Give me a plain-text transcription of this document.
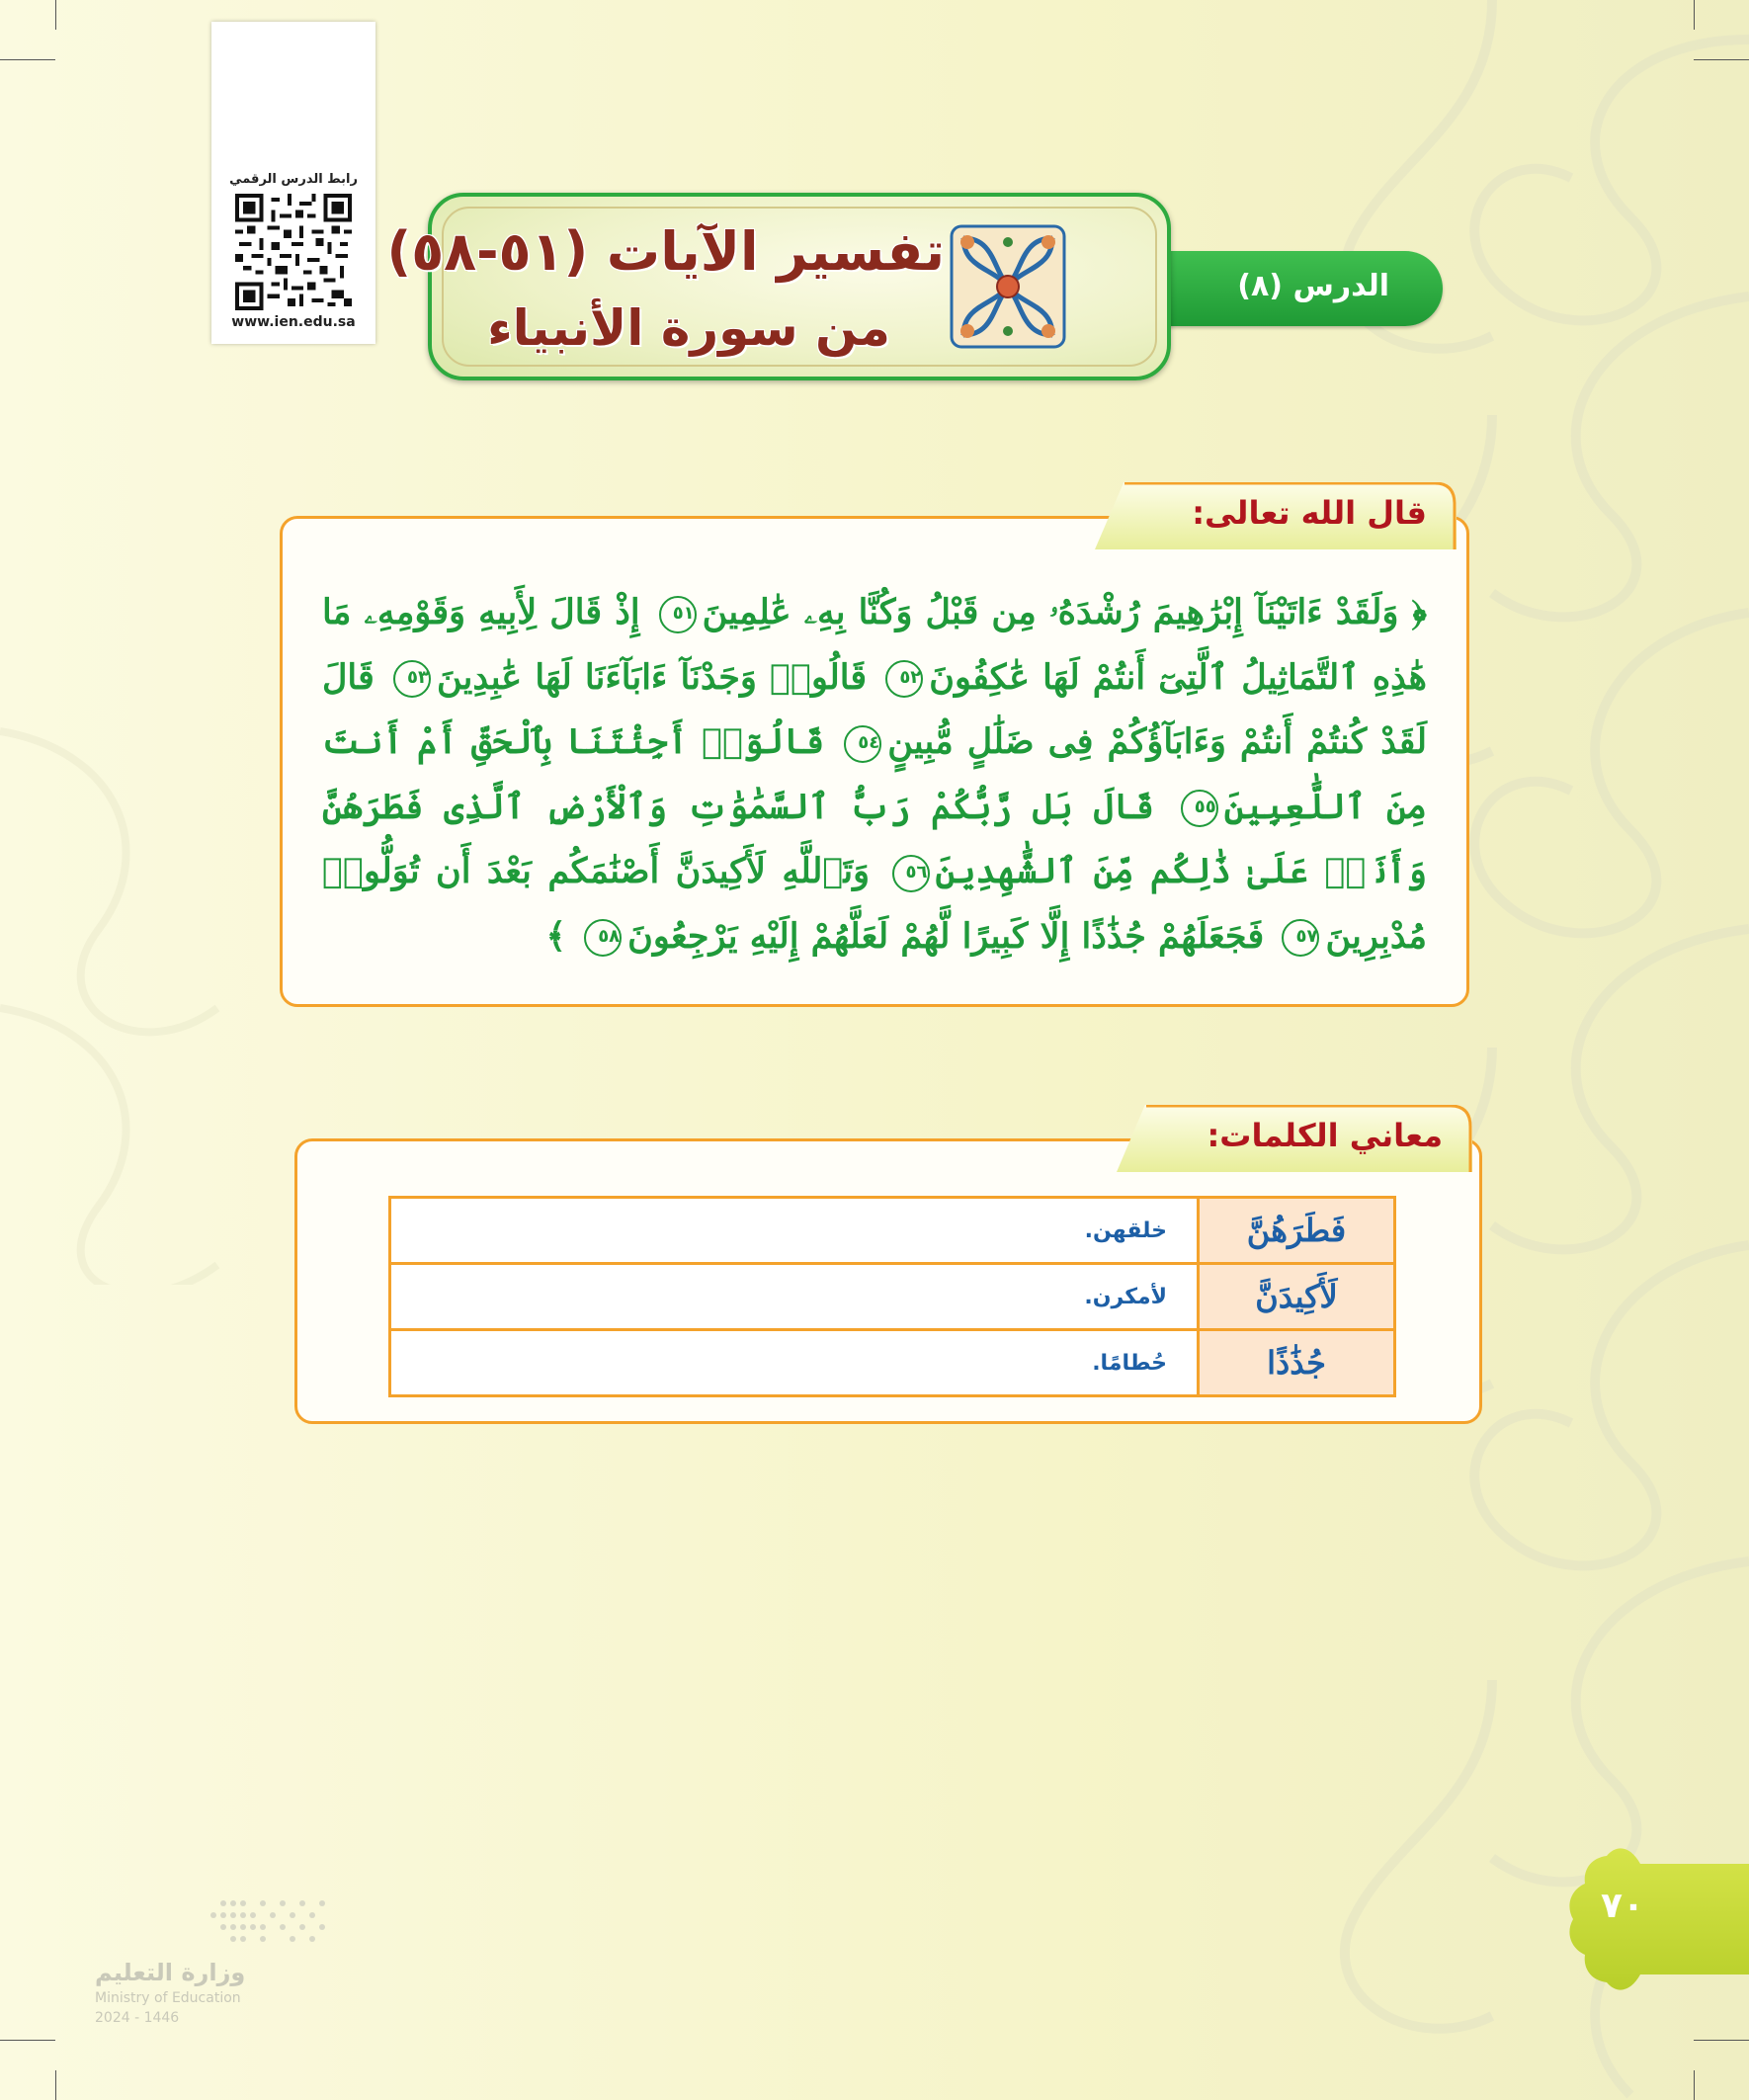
رابط الدرس الرقمي
www.ien.edu.sa
الدرس (٨)
تفسير الآيات (٥١-٥٨)
من سورة الأنبياء
﴿ وَلَقَدْ ءَاتَيْنَآ إِبْرَٰهِيمَ رُشْدَهُۥ مِن قَبْلُ وَكُنَّا بِهِۦ عَٰلِمِينَ٥١ إِذْ قَالَ لِأَبِيهِ وَقَوْمِهِۦ مَا هَٰذِهِ ٱلتَّمَاثِيلُ ٱلَّتِىٓ أَنتُمْ لَهَا عَٰكِفُونَ٥٢ قَالُوا۟ وَجَدْنَآ ءَابَآءَنَا لَهَا عَٰبِدِينَ٥٣ قَالَ لَقَدْ كُنتُمْ أَنتُمْ وَءَابَآؤُكُمْ فِى ضَلَٰلٍ مُّبِينٍ٥٤ قَالُوٓا۟ أَجِئْتَنَا بِٱلْحَقِّ أَمْ أَنتَ مِنَ ٱللَّٰعِبِينَ٥٥ قَالَ بَل رَّبُّكُمْ رَبُّ ٱلسَّمَٰوَٰتِ وَٱلْأَرْضِ ٱلَّذِى فَطَرَهُنَّ وَأَنَا۠ عَلَىٰ ذَٰلِكُم مِّنَ ٱلشَّٰهِدِينَ٥٦ وَتَٱللَّهِ لَأَكِيدَنَّ أَصْنَٰمَكُم بَعْدَ أَن تُوَلُّوا۟ مُدْبِرِينَ٥٧ فَجَعَلَهُمْ جُذَٰذًا إِلَّا كَبِيرًا لَّهُمْ لَعَلَّهُمْ إِلَيْهِ يَرْجِعُونَ٥٨ ﴾
قال الله تعالى:
معاني الكلمات:
فَطَرَهُنَّ	خلقهن.
لَأَكِيدَنَّ	لأمكرن.
جُذَٰذًا	حُطامًا.
٧٠
وزارة التعليم
Ministry of Education
2024 - 1446
